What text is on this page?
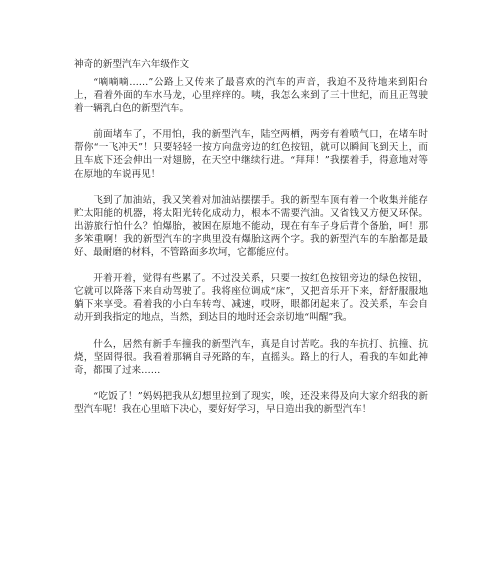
神奇的新型汽车六年级作文

“嘀嘀嘀……”公路上又传来了最喜欢的汽车的声音，我迫不及待地来到阳台上，看着外面的车水马龙，心里痒痒的。咦，我怎么来到了三十世纪，而且正驾驶着一辆乳白色的新型汽车。

前面堵车了，不用怕，我的新型汽车，陆空两栖，两旁有着喷气口，在堵车时帮你“一飞冲天”！只要轻轻一按方向盘旁边的红色按钮，就可以瞬间飞到天上，而且车底下还会伸出一对翅膀，在天空中继续行进。“拜拜！”我摆着手，得意地对等在原地的车说再见！

飞到了加油站，我又笑着对加油站摆摆手。我的新型车顶有着一个收集并能存贮太阳能的机器，将太阳光转化成动力，根本不需要汽油。又省钱又方便又环保。出游旅行怕什么？怕爆胎，被困在原地不能动，现在有车子身后背个备胎，呵！那多笨重啊！我的新型汽车的字典里没有爆胎这两个字。我的新型汽车的车胎都是最好、最耐磨的材料，不管路面多坎坷，它都能应付。

开着开着，觉得有些累了。不过没关系，只要一按红色按钮旁边的绿色按钮，它就可以降落下来自动驾驶了。我将座位调成“床”，又把音乐开下来，舒舒服服地躺下来享受。看着我的小白车转弯、减速，哎呀，眼都闭起来了。没关系，车会自动开到我指定的地点，当然，到达目的地时还会亲切地“叫醒”我。

什么，居然有新手车撞我的新型汽车，真是自讨苦吃。我的车抗打、抗撞、抗烧，坚固得很。我看着那辆自寻死路的车，直摇头。路上的行人，看我的车如此神奇，都围了过来……

“吃饭了！”妈妈把我从幻想里拉到了现实，唉，还没来得及向大家介绍我的新型汽车呢！我在心里暗下决心，要好好学习，早日造出我的新型汽车！
